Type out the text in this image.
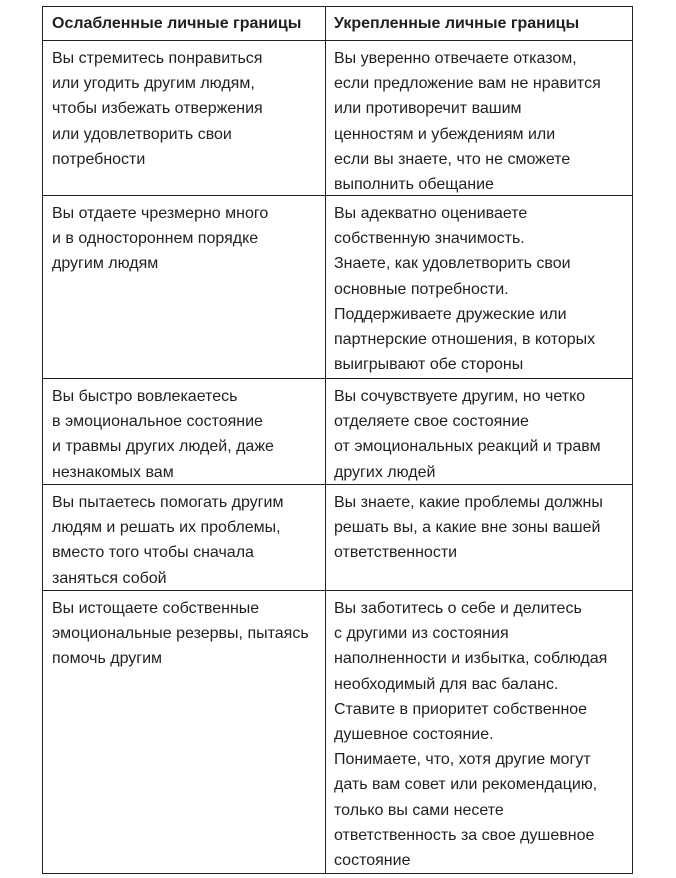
Ослабленные личные границы	Укрепленные личные границы
Вы стремитесь понравиться
или угодить другим людям,
чтобы избежать отвержения
или удовлетворить свои
потребности
Вы уверенно отвечаете отказом,
если предложение вам не нравится
или противоречит вашим
ценностям и убеждениям или
если вы знаете, что не сможете
выполнить обещание
Вы отдаете чрезмерно много
и в одностороннем порядке
другим людям
Вы адекватно оцениваете
собственную значимость.
Знаете, как удовлетворить свои
основные потребности.
Поддерживаете дружеские или
партнерские отношения, в которых
выигрывают обе стороны
Вы быстро вовлекаетесь
в эмоциональное состояние
и травмы других людей, даже
незнакомых вам
Вы сочувствуете другим, но четко
отделяете свое состояние
от эмоциональных реакций и травм
других людей
Вы пытаетесь помогать другим
людям и решать их проблемы,
вместо того чтобы сначала
заняться собой
Вы знаете, какие проблемы должны
решать вы, а какие вне зоны вашей
ответственности
Вы истощаете собственные
эмоциональные резервы, пытаясь
помочь другим
Вы заботитесь о себе и делитесь
с другими из состояния
наполненности и избытка, соблюдая
необходимый для вас баланс.
Ставите в приоритет собственное
душевное состояние.
Понимаете, что, хотя другие могут
дать вам совет или рекомендацию,
только вы сами несете
ответственность за свое душевное
состояние
